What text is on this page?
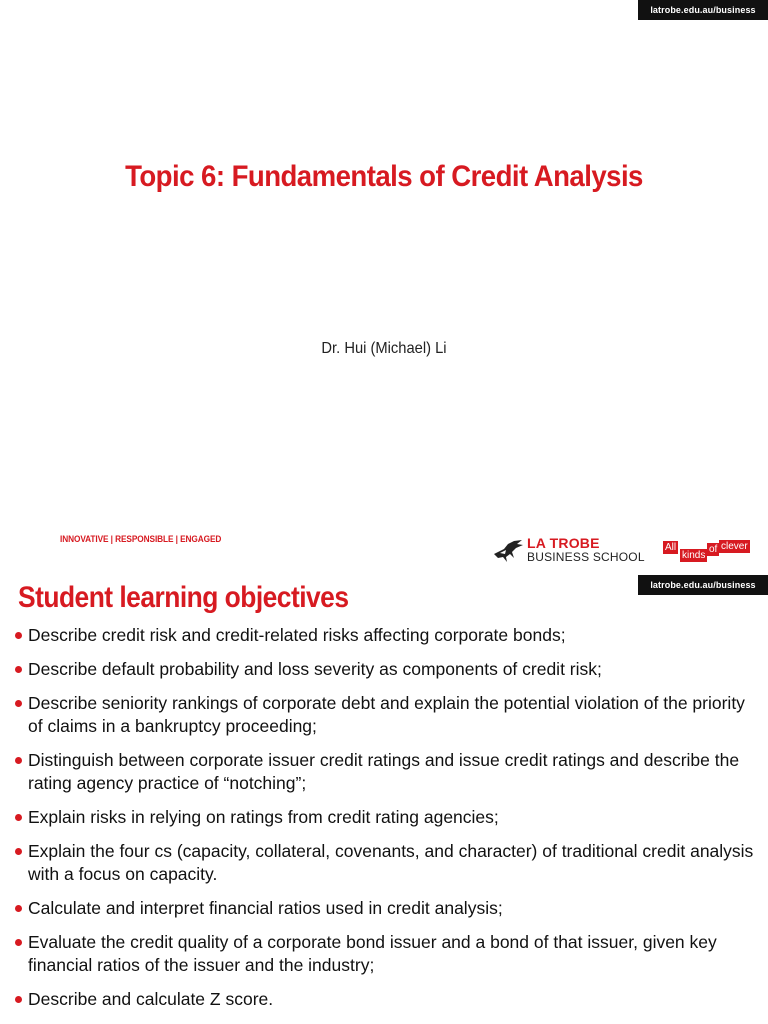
latrobe.edu.au/business
Topic 6: Fundamentals of Credit Analysis
Dr. Hui (Michael) Li
INNOVATIVE | RESPONSIBLE | ENGAGED	LA TROBE
BUSINESS SCHOOL
All
kinds
of clever
latrobe.edu.au/business
Student learning objectives
Describe credit risk and credit-related risks affecting corporate bonds;
Describe default probability and loss severity as components of credit risk;
Describe seniority rankings of corporate debt and explain the potential violation of the priority of claims in a bankruptcy proceeding;
Distinguish between corporate issuer credit ratings and issue credit ratings and describe the rating agency practice of “notching”;
Explain risks in relying on ratings from credit rating agencies;
Explain the four cs (capacity, collateral, covenants, and character) of traditional credit analysis with a focus on capacity.
Calculate and interpret financial ratios used in credit analysis;
Evaluate the credit quality of a corporate bond issuer and a bond of that issuer, given key financial ratios of the issuer and the industry;
Describe and calculate Z score.
